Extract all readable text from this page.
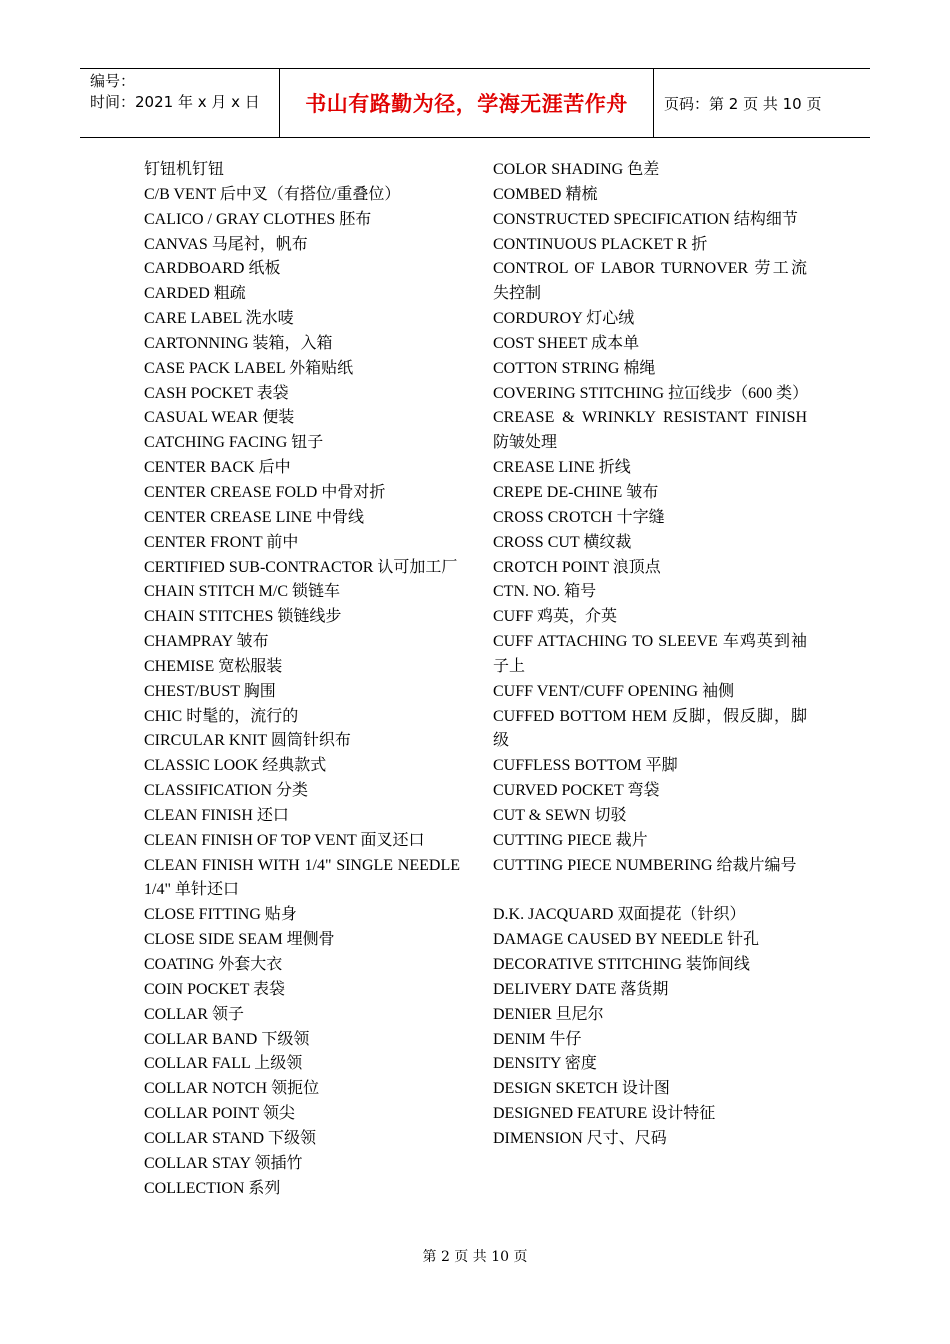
编号：
时间：2021 年 x 月 x 日	书山有路勤为径，学海无涯苦作舟	页码：第 2 页 共 10 页
钉钮机钉钮
C/B VENT 后中叉（有搭位/重叠位）
CALICO / GRAY CLOTHES 胚布
CANVAS 马尾衬，帆布
CARDBOARD 纸板
CARDED 粗疏
CARE LABEL 洗水唛
CARTONNING 装箱，入箱
CASE PACK LABEL 外箱贴纸
CASH POCKET 表袋
CASUAL WEAR 便装
CATCHING FACING 钮子
CENTER BACK 后中
CENTER CREASE FOLD 中骨对折
CENTER CREASE LINE 中骨线
CENTER FRONT 前中
CERTIFIED SUB-CONTRACTOR 认可加工厂
CHAIN STITCH M/C 锁链车
CHAIN STITCHES 锁链线步
CHAMPRAY 皱布
CHEMISE 宽松服装
CHEST/BUST 胸围
CHIC 时髦的，流行的
CIRCULAR KNIT 圆筒针织布
CLASSIC LOOK 经典款式
CLASSIFICATION 分类
CLEAN FINISH 还口
CLEAN FINISH OF TOP VENT 面叉还口
CLEAN FINISH WITH 1/4" SINGLE NEEDLE 1/4" 单针还口
CLOSE FITTING 贴身
CLOSE SIDE SEAM 埋侧骨
COATING 外套大衣
COIN POCKET 表袋
COLLAR 领子
COLLAR BAND 下级领
COLLAR FALL 上级领
COLLAR NOTCH 领扼位
COLLAR POINT 领尖
COLLAR STAND 下级领
COLLAR STAY 领插竹
COLLECTION 系列
COLOR SHADING 色差
COMBED 精梳
CONSTRUCTED SPECIFICATION 结构细节
CONTINUOUS PLACKET R 折
CONTROL OF LABOR TURNOVER 劳工流失控制
CORDUROY 灯心绒
COST SHEET 成本单
COTTON STRING 棉绳
COVERING STITCHING 拉冚线步（600 类）
CREASE & WRINKLY RESISTANT FINISH 防皱处理
CREASE LINE 折线
CREPE DE-CHINE 皱布
CROSS CROTCH 十字缝
CROSS CUT 横纹裁
CROTCH POINT 浪顶点
CTN. NO. 箱号
CUFF 鸡英，介英
CUFF ATTACHING TO SLEEVE 车鸡英到袖子上
CUFF VENT/CUFF OPENING 袖侧
CUFFED BOTTOM HEM 反脚，假反脚，脚级
CUFFLESS BOTTOM 平脚
CURVED POCKET 弯袋
CUT & SEWN 切驳
CUTTING PIECE 裁片
CUTTING PIECE NUMBERING 给裁片编号
D.K. JACQUARD 双面提花（针织）
DAMAGE CAUSED BY NEEDLE 针孔
DECORATIVE STITCHING 装饰间线
DELIVERY DATE 落货期
DENIER 旦尼尔
DENIM 牛仔
DENSITY 密度
DESIGN SKETCH 设计图
DESIGNED FEATURE 设计特征
DIMENSION 尺寸、尺码
第 2 页 共 10 页
